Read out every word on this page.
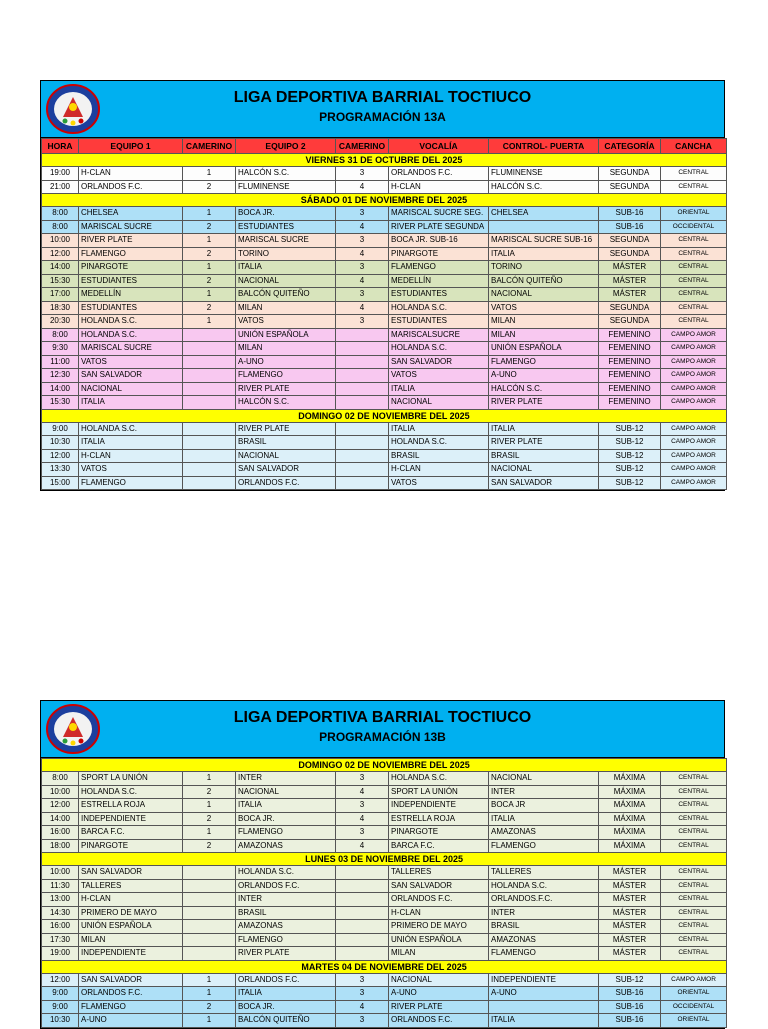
LIGA DEPORTIVA BARRIAL TOCTIUCO
PROGRAMACIÓN 13A
HORA	EQUIPO 1	CAMERINO	EQUIPO 2	CAMERINO	VOCALÍA	CONTROL- PUERTA	CATEGORÍA	CANCHA
VIERNES 31 DE OCTUBRE DEL 2025								
19:00	H-CLAN	1	HALCÓN S.C.	3	ORLANDOS F.C.	FLUMINENSE	SEGUNDA	CENTRAL
21:00	ORLANDOS F.C.	2	FLUMINENSE	4	H-CLAN	HALCÓN S.C.	SEGUNDA	CENTRAL
SÁBADO 01 DE NOVIEMBRE DEL 2025								
8:00	CHELSEA	1	BOCA JR.	3	MARISCAL SUCRE SEG.	CHELSEA	SUB-16	ORIENTAL
8:00	MARISCAL SUCRE	2	ESTUDIANTES	4	RIVER PLATE SEGUNDA		SUB-16	OCCIDENTAL
10:00	RIVER PLATE	1	MARISCAL SUCRE	3	BOCA JR. SUB-16	MARISCAL SUCRE SUB-16	SEGUNDA	CENTRAL
12:00	FLAMENGO	2	TORINO	4	PINARGOTE	ITALIA	SEGUNDA	CENTRAL
14:00	PINARGOTE	1	ITALIA	3	FLAMENGO	TORINO	MÁSTER	CENTRAL
15:30	ESTUDIANTES	2	NACIONAL	4	MEDELLÍN	BALCÓN QUITEÑO	MÁSTER	CENTRAL
17:00	MEDELLÍN	1	BALCÓN QUITEÑO	3	ESTUDIANTES	NACIONAL	MÁSTER	CENTRAL
18:30	ESTUDIANTES	2	MILAN	4	HOLANDA S.C.	VATOS	SEGUNDA	CENTRAL
20:30	HOLANDA S.C.	1	VATOS	3	ESTUDIANTES	MILAN	SEGUNDA	CENTRAL
8:00	HOLANDA S.C.		UNIÓN ESPAÑOLA		MARISCALSUCRE	MILAN	FEMENINO	CAMPO AMOR
9:30	MARISCAL SUCRE		MILAN		HOLANDA S.C.	UNIÓN ESPAÑOLA	FEMENINO	CAMPO AMOR
11:00	VATOS		A-UNO		SAN SALVADOR	FLAMENGO	FEMENINO	CAMPO AMOR
12:30	SAN SALVADOR		FLAMENGO		VATOS	A-UNO	FEMENINO	CAMPO AMOR
14:00	NACIONAL		RIVER PLATE		ITALIA	HALCÓN S.C.	FEMENINO	CAMPO AMOR
15:30	ITALIA		HALCÓN S.C.		NACIONAL	RIVER PLATE	FEMENINO	CAMPO AMOR
DOMINGO 02 DE NOVIEMBRE DEL 2025								
9:00	HOLANDA S.C.		RIVER PLATE		ITALIA	ITALIA	SUB-12	CAMPO AMOR
10:30	ITALIA		BRASIL		HOLANDA S.C.	RIVER PLATE	SUB-12	CAMPO AMOR
12:00	H-CLAN		NACIONAL		BRASIL	BRASIL	SUB-12	CAMPO AMOR
13:30	VATOS		SAN SALVADOR		H-CLAN	NACIONAL	SUB-12	CAMPO AMOR
15:00	FLAMENGO		ORLANDOS F.C.		VATOS	SAN SALVADOR	SUB-12	CAMPO AMOR
LIGA DEPORTIVA BARRIAL TOCTIUCO
PROGRAMACIÓN 13B
DOMINGO 02 DE NOVIEMBRE DEL 2025								
8:00	SPORT LA UNIÓN	1	INTER	3	HOLANDA S.C.	NACIONAL	MÁXIMA	CENTRAL
10:00	HOLANDA S.C.	2	NACIONAL	4	SPORT LA UNIÓN	INTER	MÁXIMA	CENTRAL
12:00	ESTRELLA ROJA	1	ITALIA	3	INDEPENDIENTE	BOCA JR	MÁXIMA	CENTRAL
14:00	INDEPENDIENTE	2	BOCA JR.	4	ESTRELLA ROJA	ITALIA	MÁXIMA	CENTRAL
16:00	BARCA F.C.	1	FLAMENGO	3	PINARGOTE	AMAZONAS	MÁXIMA	CENTRAL
18:00	PINARGOTE	2	AMAZONAS	4	BARCA F.C.	FLAMENGO	MÁXIMA	CENTRAL
LUNES 03 DE NOVIEMBRE DEL 2025								
10:00	SAN SALVADOR		HOLANDA S.C.		TALLERES	TALLERES	MÁSTER	CENTRAL
11:30	TALLERES		ORLANDOS F.C.		SAN SALVADOR	HOLANDA S.C.	MÁSTER	CENTRAL
13:00	H-CLAN		INTER		ORLANDOS F.C.	ORLANDOS.F.C.	MÁSTER	CENTRAL
14:30	PRIMERO DE MAYO		BRASIL		H-CLAN	INTER	MÁSTER	CENTRAL
16:00	UNIÓN ESPAÑOLA		AMAZONAS		PRIMERO DE MAYO	BRASIL	MÁSTER	CENTRAL
17:30	MILAN		FLAMENGO		UNIÓN ESPAÑOLA	AMAZONAS	MÁSTER	CENTRAL
19:00	INDEPENDIENTE		RIVER PLATE		MILAN	FLAMENGO	MÁSTER	CENTRAL
MARTES 04 DE NOVIEMBRE DEL 2025								
12:00	SAN SALVADOR	1	ORLANDOS F.C.	3	NACIONAL	INDEPENDIENTE	SUB-12	CAMPO AMOR
9:00	ORLANDOS F.C.	1	ITALIA	3	A-UNO	A-UNO	SUB-16	ORIENTAL
9:00	FLAMENGO	2	BOCA JR.	4	RIVER PLATE		SUB-16	OCCIDENTAL
10:30	A-UNO	1	BALCÓN QUITEÑO	3	ORLANDOS F.C.	ITALIA	SUB-16	ORIENTAL
